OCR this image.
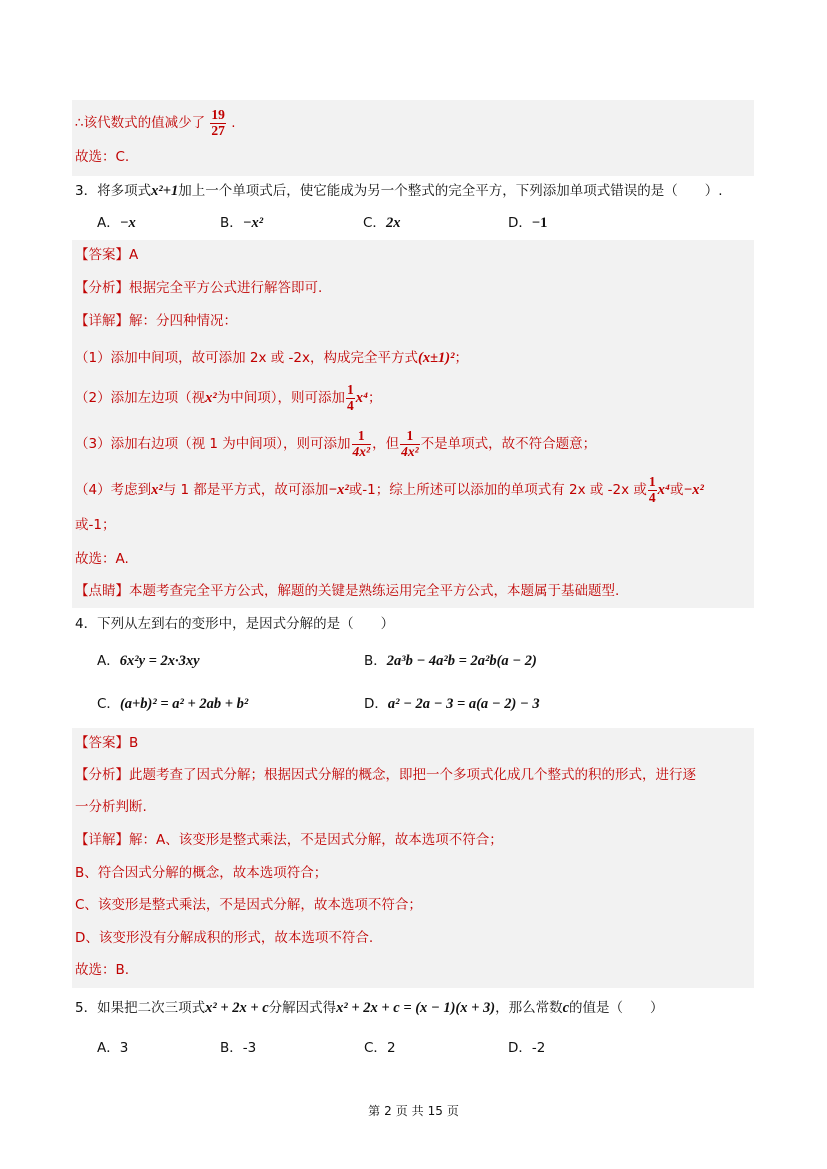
∴该代数式的值减少了 $\frac{19}{27}$ .
故选：C.
3．将多项式x²+1加上一个单项式后，使它能成为另一个整式的完全平方，下列添加单项式错误的是（　　）.
A．−x	B．−x²	C．2x	D．−1
【答案】A
【分析】根据完全平方公式进行解答即可.
【详解】解：分四种情况：
（1）添加中间项，故可添加 2x 或 -2x，构成完全平方式(x±1)²；
（2）添加左边项（视x²为中间项），则可添加 $\frac{1}{4} x^4$；
（3）添加右边项（视 1 为中间项），则可添加 $\frac{1}{\text{4x²}}$ ，但 $\frac{1}{\text{4x²}}$ 不是单项式，故不符合题意；
（4）考虑到x²与 1 都是平方式，故可添加−x²或-1；综上所述可以添加的单项式有 2x 或 -2x 或 $\frac{1}{4} x^4$或−x²
或-1；
故选：A.
【点睛】本题考查完全平方公式，解题的关键是熟练运用完全平方公式，本题属于基础题型.
4．下列从左到右的变形中，是因式分解的是（　　）
A．6x²y = 2x·3xy	B．2a³b − 4a²b = 2a²b(a − 2)
C．(a+b)² = a² + 2ab + b²	D．a² − 2a − 3 = a(a − 2) − 3
【答案】B
【分析】此题考查了因式分解；根据因式分解的概念，即把一个多项式化成几个整式的积的形式，进行逐
一分析判断.
【详解】解：A、该变形是整式乘法，不是因式分解，故本选项不符合；
B、符合因式分解的概念，故本选项符合；
C、该变形是整式乘法，不是因式分解，故本选项不符合；
D、该变形没有分解成积的形式，故本选项不符合.
故选：B.
5．如果把二次三项式x² + 2x + c分解因式得x² + 2x + c = (x − 1)(x + 3)，那么常数c的值是（　　）
A．3	B．-3	C．2	D．-2
第 2 页 共 15 页
